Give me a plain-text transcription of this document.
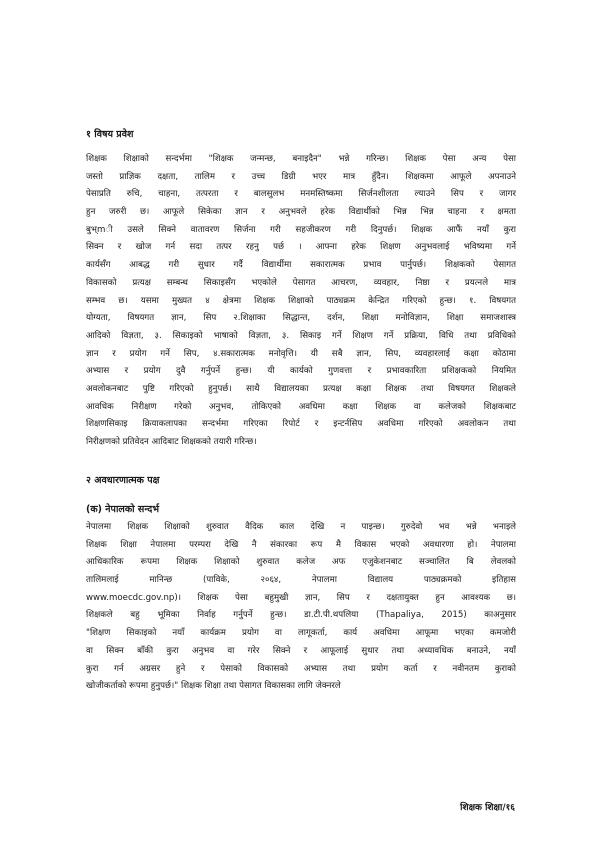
१ विषय प्रवेश
शिक्षक शिक्षाको सन्दर्भमा "शिक्षक जन्मन्छ, बनाइदैन" भन्ने गरिन्छ। शिक्षक पेसा अन्य पेसा
जस्तो प्राज्ञिक दक्षता, तालिम र उच्च डिग्री भएर मात्र हुँदैन। शिक्षकमा आफूले अपनाउने
पेसाप्रति रुचि, चाहना, तत्परता र बालसुलभ मनमस्तिष्कमा सिर्जनशीलता ल्याउने सिप र जागर
हुन जरुरी छ। आफूले सिकेका ज्ञान र अनुभवले हरेक विद्यार्थीको भिन्न भिन्न चाहना र क्षमता
बुभ्mी उसले सिक्ने वातावरण सिर्जना गरी सहजीकरण गरी दिनुपर्छ। शिक्षक आफैं नयाँ कुरा
सिक्न र खोज गर्न सदा तत्पर रहनु पर्छ । आफ्ना हरेक शिक्षण अनुभवलाई भविष्यमा गर्ने
कार्यसँग आबद्ध गरी सुधार गर्दै विद्यार्थीमा सकारात्मक प्रभाव पार्नुपर्छ। शिक्षकको पेसागत
विकासको प्रत्यक्ष सम्बन्ध सिकाइसँग भएकोले पेसागत आचरण, व्यवहार, निष्ठा र प्रयत्नले मात्र
सम्भव छ। यसमा मुख्यत ४ क्षेत्रमा शिक्षक शिक्षाको पाठ्यक्रम केन्द्रित गरिएको हुन्छ। १. विषयगत
योग्यता, विषयगत ज्ञान, सिप २.शिक्षाका सिद्धान्त, दर्शन, शिक्षा मनोविज्ञान, शिक्षा समाजशास्त्र
आदिको विज्ञता, ३. सिकाइको भाषाको विज्ञता, ३. सिकाइ गर्ने शिक्षण गर्ने प्रक्रिया, विधि तथा प्रविधिको
ज्ञान र प्रयोग गर्ने सिप, ४.सकारात्मक मनोवृत्ति। यी सबै ज्ञान, सिप, व्यवहारलाई कक्षा कोठामा
अभ्यास र प्रयोग दुवै गर्नुपर्ने हुन्छ। यी कार्यको गुणवत्ता र प्रभावकारिता प्रशिक्षकको नियमित
अवलोकनबाट पुष्टि गरिएको हुनुपर्छ। साथै विद्यालयका प्रत्यक्ष कक्षा शिक्षक तथा विषयगत शिक्षकले
आवधिक निरीक्षण गरेको अनुभव, तोकिएको अवधिमा कक्षा शिक्षक वा कलेजको शिक्षकबाट
शिक्षणसिकाइ क्रियाकलापका सन्दर्भमा गरिएका रिपोर्ट र इन्टर्नसिप अवधिमा गरिएको अवलोकन तथा
निरीक्षणको प्रतिवेदन आदिबाट शिक्षकको तयारी गरिन्छ।
२ अवधारणात्मक पक्ष
(क) नेपालको सन्दर्भ
नेपालमा शिक्षक शिक्षाको शुरुवात वैदिक काल देखि न पाइन्छ। गुरुदेवो भव भन्ने भनाइले
शिक्षक शिक्षा नेपालमा परम्परा देखि नै संकारका रूप मै विकास भएको अवधारणा हो। नेपालमा
आधिकारिक रूपमा शिक्षक शिक्षाको शुरुवात कलेज अफ एजुकेशनबाट सञ्चालित बि लेवलको
तालिमलाई मानिन्छ (पाविके, २०६४, नेपालमा विद्यालय पाठ्यक्रमको इतिहास
www.moecdc.gov.np)। शिक्षक पेसा बहुमुखी ज्ञान, सिप र दक्षतायुक्त हुन आवश्यक छ।
शिक्षकले बहु भूमिका निर्वाह गर्नुपर्ने हुन्छ। डा.टी.पी.थपलिया (Thapaliya, 2015) काअनुसार
"शिक्षण सिकाइको नयाँ कार्यक्रम प्रयोग वा लागूकर्ता, कार्य अवधिमा आफूमा भएका कमजोरी
वा सिक्न बाँकी कुरा अनुभव वा गरेर सिक्ने र आफूलाई सुधार तथा अध्यावधिक बनाउने, नयाँ
कुरा गर्न अग्रसर हुने र पेसाको विकासको अभ्यास तथा प्रयोग कर्ता र नवीनतम कुराको
खोजीकर्ताको रूपमा हुनुपर्छ।" शिक्षक शिक्षा तथा पेसागत विकासका लागि जेक्नरले
शिक्षक शिक्षा/१६
